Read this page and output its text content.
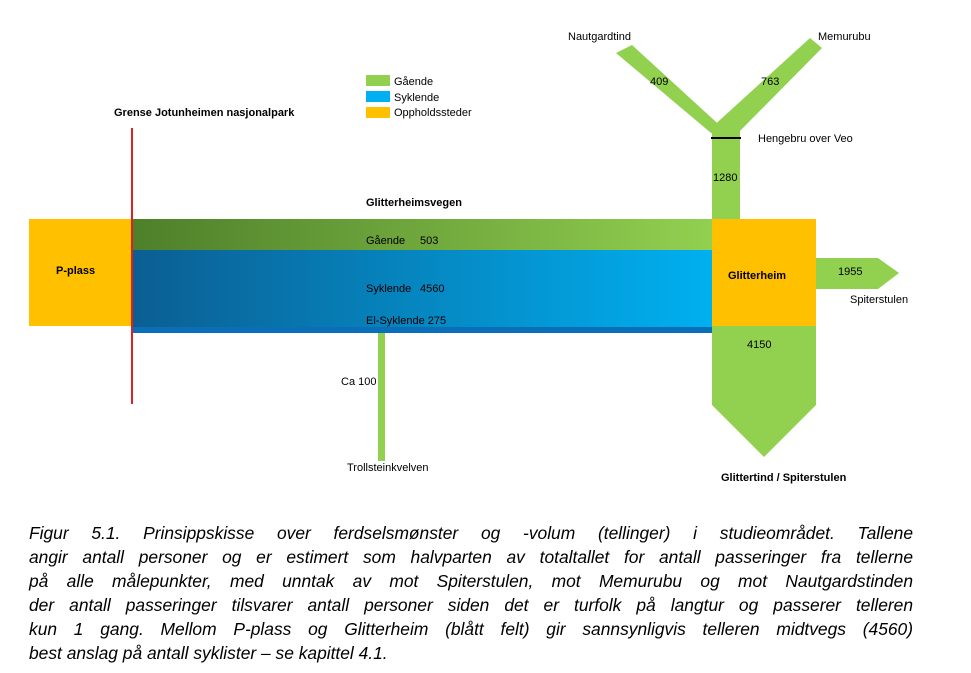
Gående
Syklende
Oppholdssteder
Nautgardtind	Memurubu
409	763
Hengebru over Veo
1280
Grense Jotunheimen nasjonalpark
Glitterheimsvegen
Gående 503
Syklende 4560
El-Syklende 275
P-plass	Glitterheim	1955
Spiterstulen
4150
Glittertind / Spiterstulen
Ca 100
Trollsteinkvelven

Figur 5.1. Prinsippskisse over ferdselsmønster og -volum (tellinger) i studieområdet. Tallene
angir antall personer og er estimert som halvparten av totaltallet for antall passeringer fra tellerne
på alle målepunkter, med unntak av mot Spiterstulen, mot Memurubu og mot Nautgardstinden
der antall passeringer tilsvarer antall personer siden det er turfolk på langtur og passerer telleren
kun 1 gang. Mellom P-plass og Glitterheim (blått felt) gir sannsynligvis telleren midtvegs (4560)
best anslag på antall syklister – se kapittel 4.1.
